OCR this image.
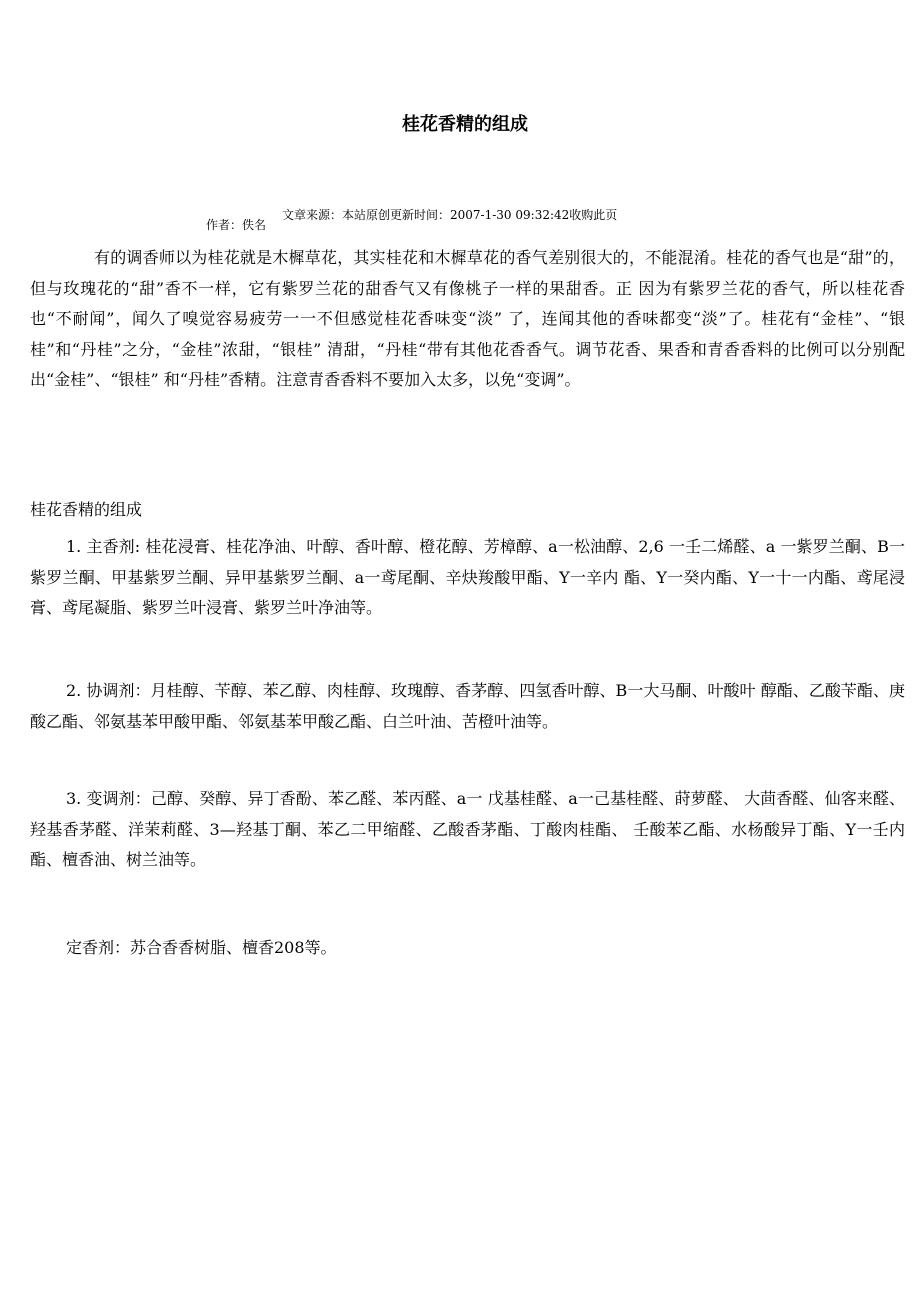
桂花香精的组成
作者：佚名
文章来源：本站原创更新时间：2007-1-30 09:32:42收购此页

有的调香师以为桂花就是木樨草花，其实桂花和木樨草花的香气差别很大的，不能混淆。桂花的香气也是“甜”的，但与玫瑰花的“甜”香不一样，它有紫罗兰花的甜香气又有像桃子一样的果甜香。正 因为有紫罗兰花的香气，所以桂花香也“不耐闻”，闻久了嗅觉容易疲劳一一不但感觉桂花香味变“淡” 了，连闻其他的香味都变“淡”了。桂花有“金桂”、“银桂”和“丹桂”之分，“金桂”浓甜，“银桂” 清甜，“丹桂“带有其他花香香气。调节花香、果香和青香香料的比例可以分别配出“金桂”、“银桂” 和“丹桂”香精。注意青香香料不要加入太多，以免“变调”。

桂花香精的组成

1. 主香剂: 桂花浸膏、桂花净油、叶醇、香叶醇、橙花醇、芳樟醇、a一松油醇、2,6 一壬二烯醛、a 一紫罗兰酮、B一 紫罗兰酮、甲基紫罗兰酮、异甲基紫罗兰酮、a一鸢尾酮、辛炔羧酸甲酯、Y一辛内 酯、Y一癸内酯、Y一十一内酯、鸢尾浸膏、鸢尾凝脂、紫罗兰叶浸膏、紫罗兰叶净油等。

2. 协调剂：月桂醇、苄醇、苯乙醇、肉桂醇、玫瑰醇、香茅醇、四氢香叶醇、B一大马酮、叶酸叶 醇酯、乙酸苄酯、庚酸乙酯、邻氨基苯甲酸甲酯、邻氨基苯甲酸乙酯、白兰叶油、苦橙叶油等。

3. 变调剂：己醇、癸醇、异丁香酚、苯乙醛、苯丙醛、a一 戊基桂醛、a一己基桂醛、莳萝醛、 大茴香醛、仙客来醛、羟基香茅醛、洋茉莉醛、3—羟基丁酮、苯乙二甲缩醛、乙酸香茅酯、丁酸肉桂酯、 壬酸苯乙酯、水杨酸异丁酯、Y一壬内酯、檀香油、树兰油等。

定香剂：苏合香香树脂、檀香208等。
